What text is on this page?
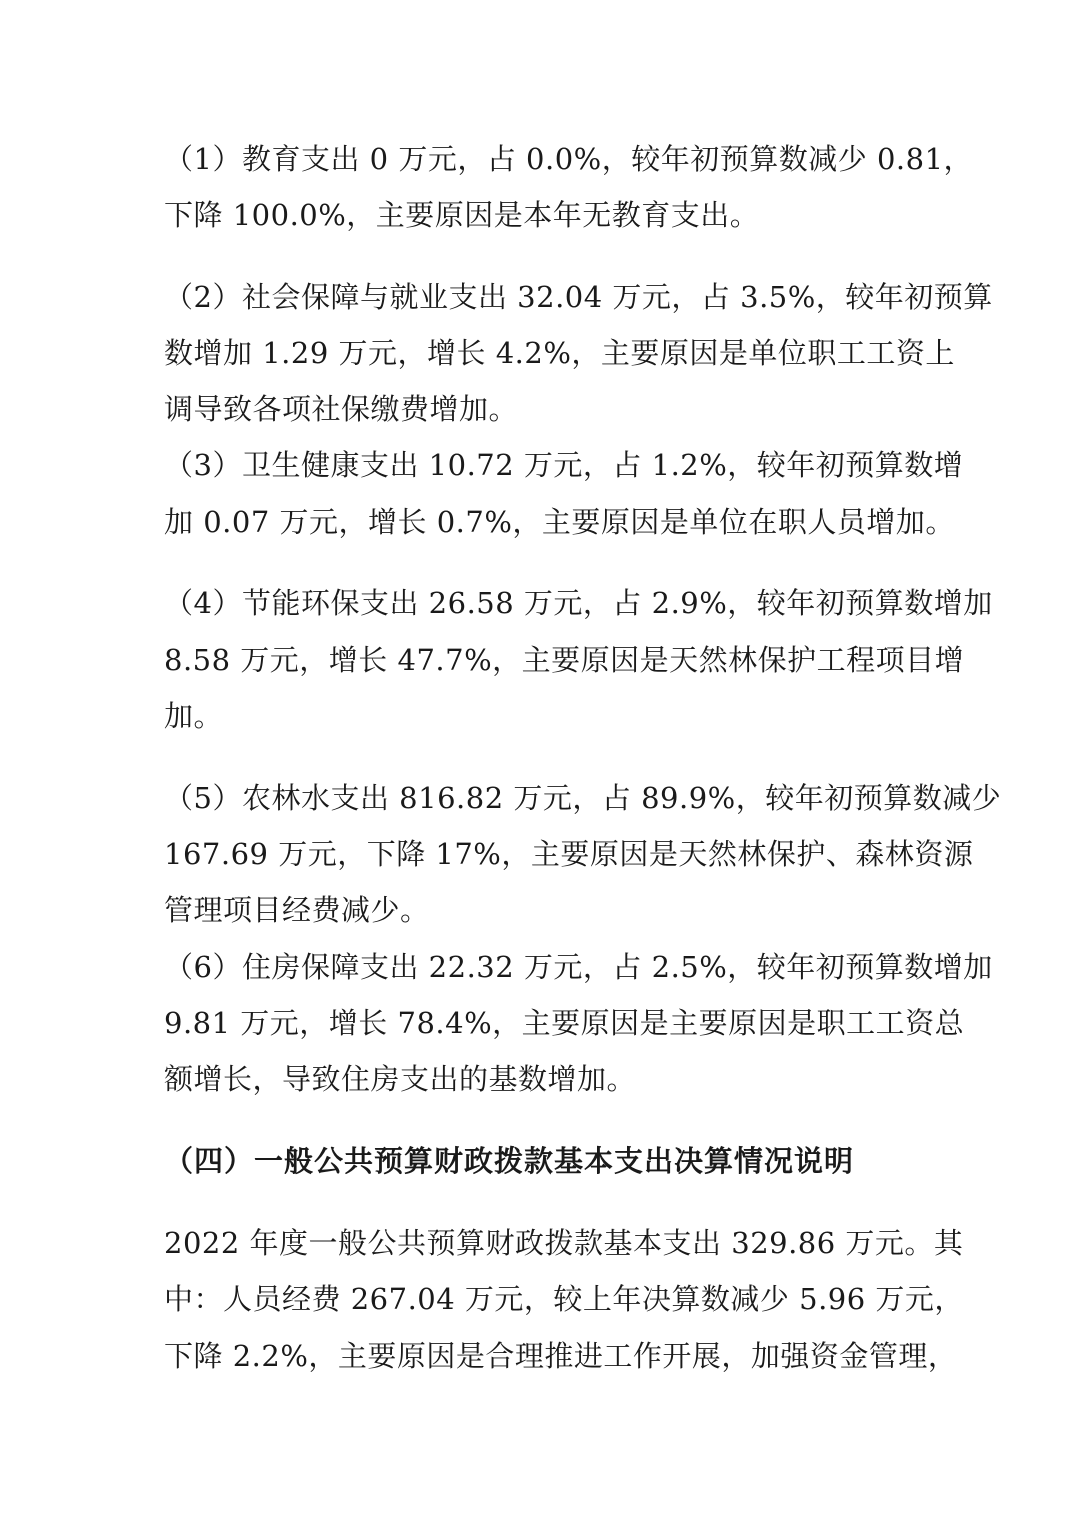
（1）教育支出 0 万元，占 0.0%，较年初预算数减少 0.81，
下降 100.0%，主要原因是本年无教育支出。
（2）社会保障与就业支出 32.04 万元，占 3.5%，较年初预算
数增加 1.29 万元，增长 4.2%，主要原因是单位职工工资上
调导致各项社保缴费增加。
（3）卫生健康支出 10.72 万元，占 1.2%，较年初预算数增
加 0.07 万元，增长 0.7%，主要原因是单位在职人员增加。
（4）节能环保支出 26.58 万元，占 2.9%，较年初预算数增加
8.58 万元，增长 47.7%，主要原因是天然林保护工程项目增
加。
（5）农林水支出 816.82 万元，占 89.9%，较年初预算数减少
167.69 万元，下降 17%，主要原因是天然林保护、森林资源
管理项目经费减少。
（6）住房保障支出 22.32 万元，占 2.5%，较年初预算数增加
9.81 万元，增长 78.4%，主要原因是主要原因是职工工资总
额增长，导致住房支出的基数增加。
（四）一般公共预算财政拨款基本支出决算情况说明
2022 年度一般公共预算财政拨款基本支出 329.86 万元。其
中：人员经费 267.04 万元，较上年决算数减少 5.96 万元，
下降 2.2%，主要原因是合理推进工作开展，加强资金管理，
